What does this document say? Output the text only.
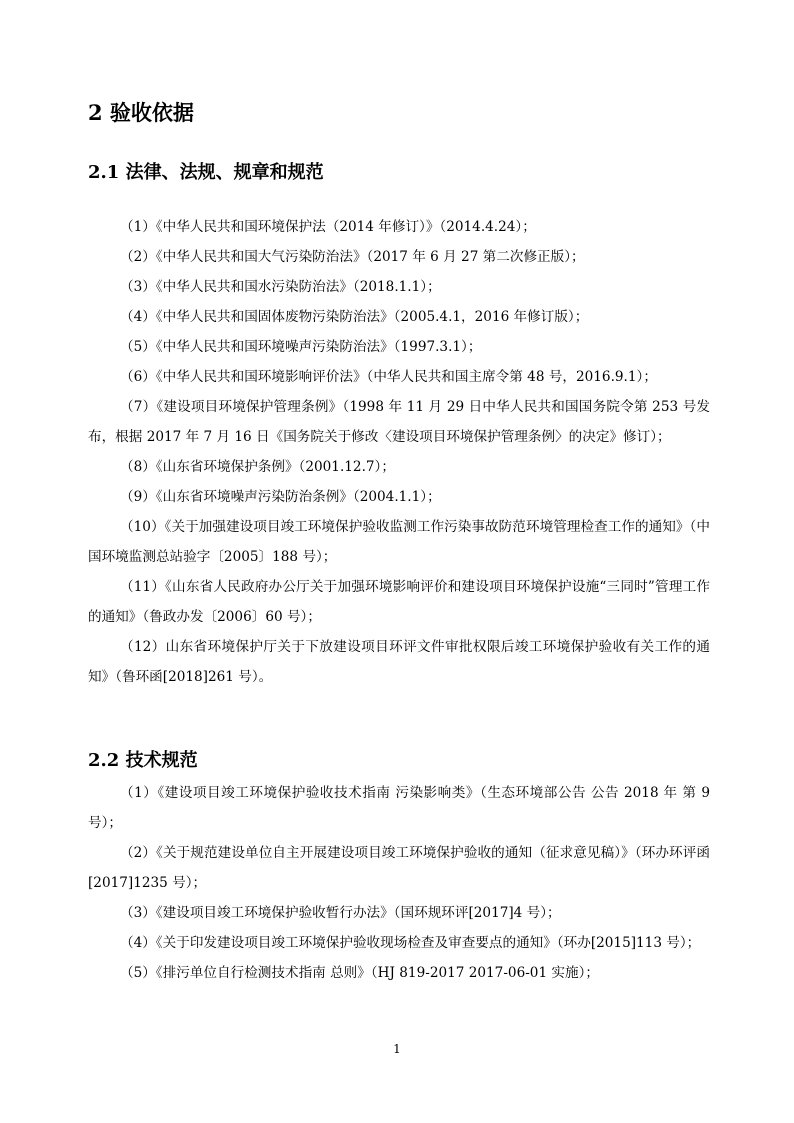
2 验收依据
2.1 法律、法规、规章和规范
（1）《中华人民共和国环境保护法（2014 年修订）》（2014.4.24）；
（2）《中华人民共和国大气污染防治法》（2017 年 6 月 27 第二次修正版）；
（3）《中华人民共和国水污染防治法》（2018.1.1）；
（4）《中华人民共和国固体废物污染防治法》（2005.4.1，2016 年修订版）；
（5）《中华人民共和国环境噪声污染防治法》（1997.3.1）；
（6）《中华人民共和国环境影响评价法》（中华人民共和国主席令第 48 号，2016.9.1）；
（7）《建设项目环境保护管理条例》（1998 年 11 月 29 日中华人民共和国国务院令第 253 号发布，根据 2017 年 7 月 16 日《国务院关于修改〈建设项目环境保护管理条例〉的决定》修订）；
（8）《山东省环境保护条例》（2001.12.7）；
（9）《山东省环境噪声污染防治条例》（2004.1.1）；
（10）《关于加强建设项目竣工环境保护验收监测工作污染事故防范环境管理检查工作的通知》（中国环境监测总站验字〔2005〕188 号）；
（11）《山东省人民政府办公厅关于加强环境影响评价和建设项目环境保护设施“三同时”管理工作的通知》（鲁政办发〔2006〕60 号）；
（12）山东省环境保护厅关于下放建设项目环评文件审批权限后竣工环境保护验收有关工作的通知》（鲁环函[2018]261 号）。
2.2 技术规范
（1）《建设项目竣工环境保护验收技术指南 污染影响类》（生态环境部公告 公告 2018 年 第 9 号）；
（2）《关于规范建设单位自主开展建设项目竣工环境保护验收的通知（征求意见稿）》（环办环评函[2017]1235 号）；
（3）《建设项目竣工环境保护验收暂行办法》（国环规环评[2017]4 号）；
（4）《关于印发建设项目竣工环境保护验收现场检查及审查要点的通知》（环办[2015]113 号）；
（5）《排污单位自行检测技术指南 总则》（HJ 819-2017 2017-06-01 实施）；
1
